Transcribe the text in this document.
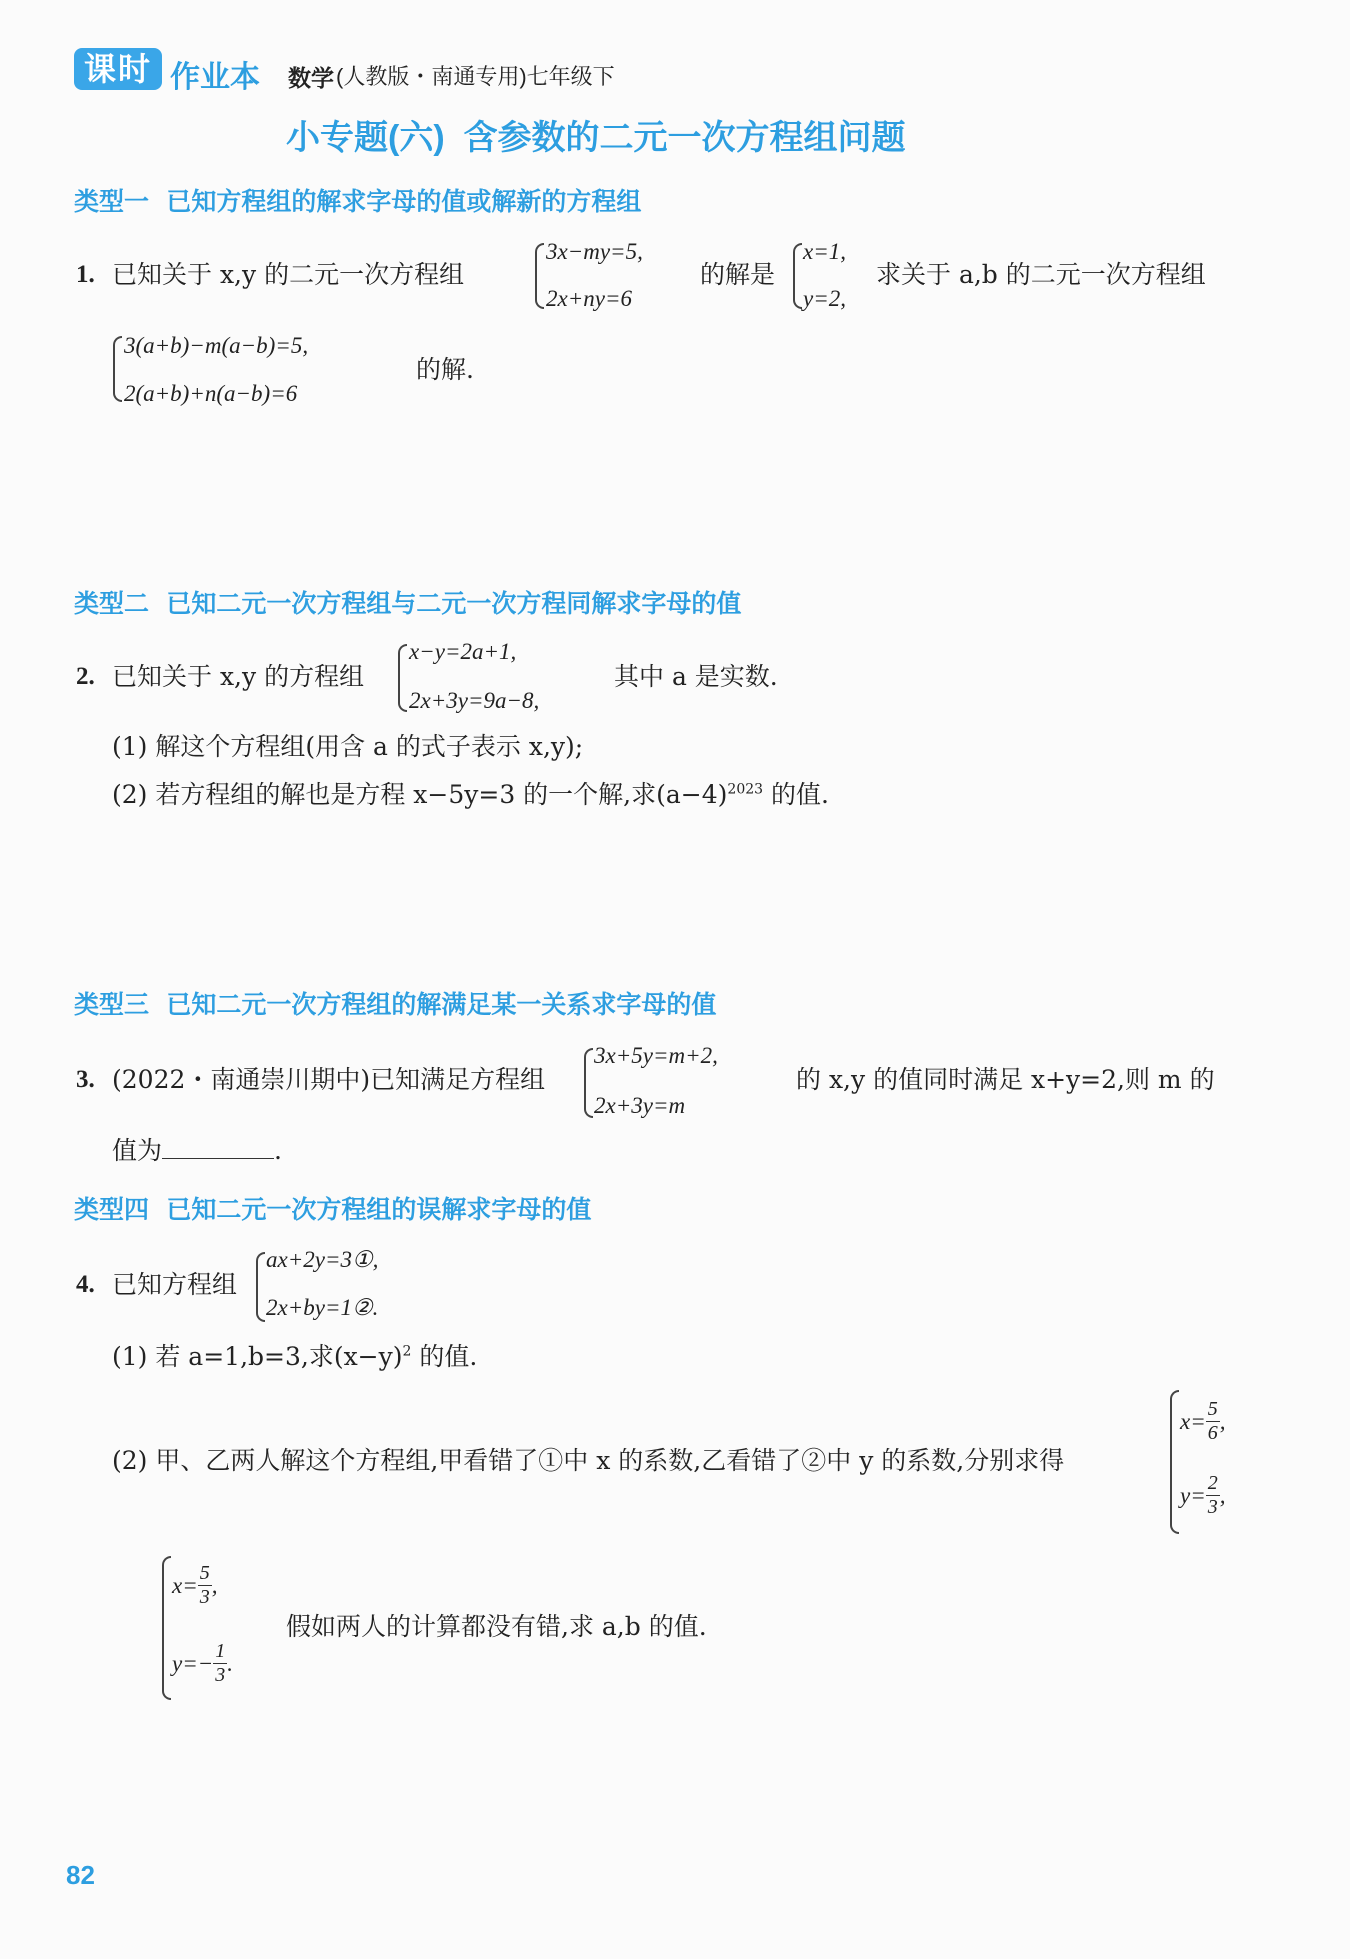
课时 作业本 数学 (人教版・南通专用)七年级下
小专题(六)  含参数的二元一次方程组问题
类型一  已知方程组的解求字母的值或解新的方程组
1. 已知关于 x,y 的二元一次方程组
3x−my=5,
2x+ny=6
的解是
x=1,
y=2,
求关于 a,b 的二元一次方程组
3(a+b)−m(a−b)=5,
2(a+b)+n(a−b)=6
的解.
类型二  已知二元一次方程组与二元一次方程同解求字母的值
2. 已知关于 x,y 的方程组
x−y=2a+1,
2x+3y=9a−8,
其中 a 是实数.
(1) 解这个方程组(用含 a 的式子表示 x,y);
(2) 若方程组的解也是方程 x−5y=3 的一个解,求$(a-4)^{2023}$ 的值.
类型三  已知二元一次方程组的解满足某一关系求字母的值
3. (2022・南通崇川期中)已知满足方程组
3x+5y=m+2,
2x+3y=m
的 x,y 的值同时满足 x+y=2,则 m 的
值为	.
类型四  已知二元一次方程组的误解求字母的值
4. 已知方程组
ax+2y=3①,
2x+by=1②.
(1) 若 a=1,b=3,求$(x-y)^2$ 的值.
(2) 甲、乙两人解这个方程组,甲看错了①中 x 的系数,乙看错了②中 y 的系数,分别求得
$x= \frac{5}{6}$ ,
$y= \frac{2}{3}$ ,
$x= \frac{5}{3}$ ,
$y=- \frac{1}{3}$ .
假如两人的计算都没有错,求 a,b 的值.
82
